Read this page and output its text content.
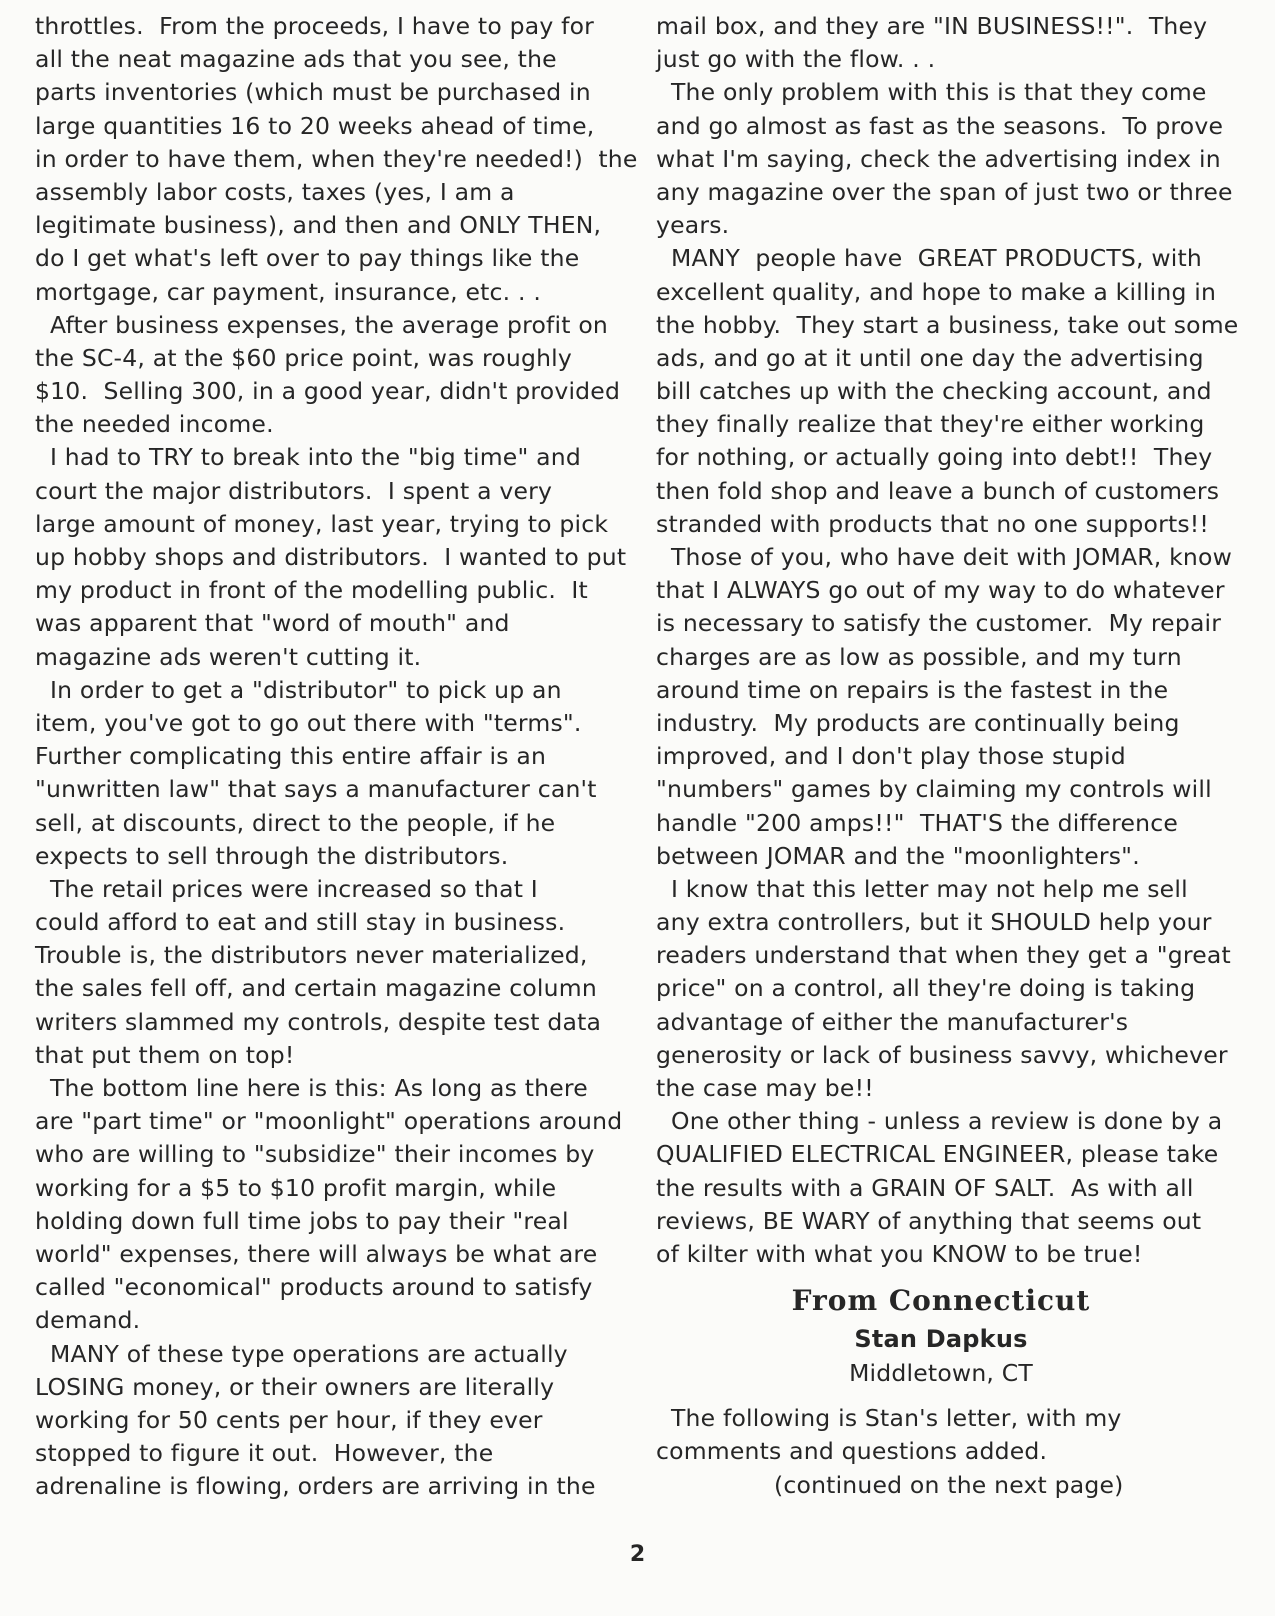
throttles.  From the proceeds, I have to pay for
all the neat magazine ads that you see, the
parts inventories (which must be purchased in
large quantities 16 to 20 weeks ahead of time,
in order to have them, when they're needed!)  the
assembly labor costs, taxes (yes, I am a
legitimate business), and then and ONLY THEN,
do I get what's left over to pay things like the
mortgage, car payment, insurance, etc. . .
After business expenses, the average profit on
the SC-4, at the $60 price point, was roughly
$10.  Selling 300, in a good year, didn't provided
the needed income.
I had to TRY to break into the "big time" and
court the major distributors.  I spent a very
large amount of money, last year, trying to pick
up hobby shops and distributors.  I wanted to put
my product in front of the modelling public.  It
was apparent that "word of mouth" and
magazine ads weren't cutting it.
In order to get a "distributor" to pick up an
item, you've got to go out there with "terms".
Further complicating this entire affair is an
"unwritten law" that says a manufacturer can't
sell, at discounts, direct to the people, if he
expects to sell through the distributors.
The retail prices were increased so that I
could afford to eat and still stay in business.
Trouble is, the distributors never materialized,
the sales fell off, and certain magazine column
writers slammed my controls, despite test data
that put them on top!
The bottom line here is this: As long as there
are "part time" or "moonlight" operations around
who are willing to "subsidize" their incomes by
working for a $5 to $10 profit margin, while
holding down full time jobs to pay their "real
world" expenses, there will always be what are
called "economical" products around to satisfy
demand.
MANY of these type operations are actually
LOSING money, or their owners are literally
working for 50 cents per hour, if they ever
stopped to figure it out.  However, the
adrenaline is flowing, orders are arriving in the
mail box, and they are "IN BUSINESS!!".  They
just go with the flow. . .
The only problem with this is that they come
and go almost as fast as the seasons.  To prove
what I'm saying, check the advertising index in
any magazine over the span of just two or three
years.
MANY  people have  GREAT PRODUCTS, with
excellent quality, and hope to make a killing in
the hobby.  They start a business, take out some
ads, and go at it until one day the advertising
bill catches up with the checking account, and
they finally realize that they're either working
for nothing, or actually going into debt!!  They
then fold shop and leave a bunch of customers
stranded with products that no one supports!!
Those of you, who have deit with JOMAR, know
that I ALWAYS go out of my way to do whatever
is necessary to satisfy the customer.  My repair
charges are as low as possible, and my turn
around time on repairs is the fastest in the
industry.  My products are continually being
improved, and I don't play those stupid
"numbers" games by claiming my controls will
handle "200 amps!!"  THAT'S the difference
between JOMAR and the "moonlighters".
I know that this letter may not help me sell
any extra controllers, but it SHOULD help your
readers understand that when they get a "great
price" on a control, all they're doing is taking
advantage of either the manufacturer's
generosity or lack of business savvy, whichever
the case may be!!
One other thing - unless a review is done by a
QUALIFIED ELECTRICAL ENGINEER, please take
the results with a GRAIN OF SALT.  As with all
reviews, BE WARY of anything that seems out
of kilter with what you KNOW to be true!
From Connecticut
Stan Dapkus
Middletown, CT
The following is Stan's letter, with my
comments and questions added.
(continued on the next page)
2
